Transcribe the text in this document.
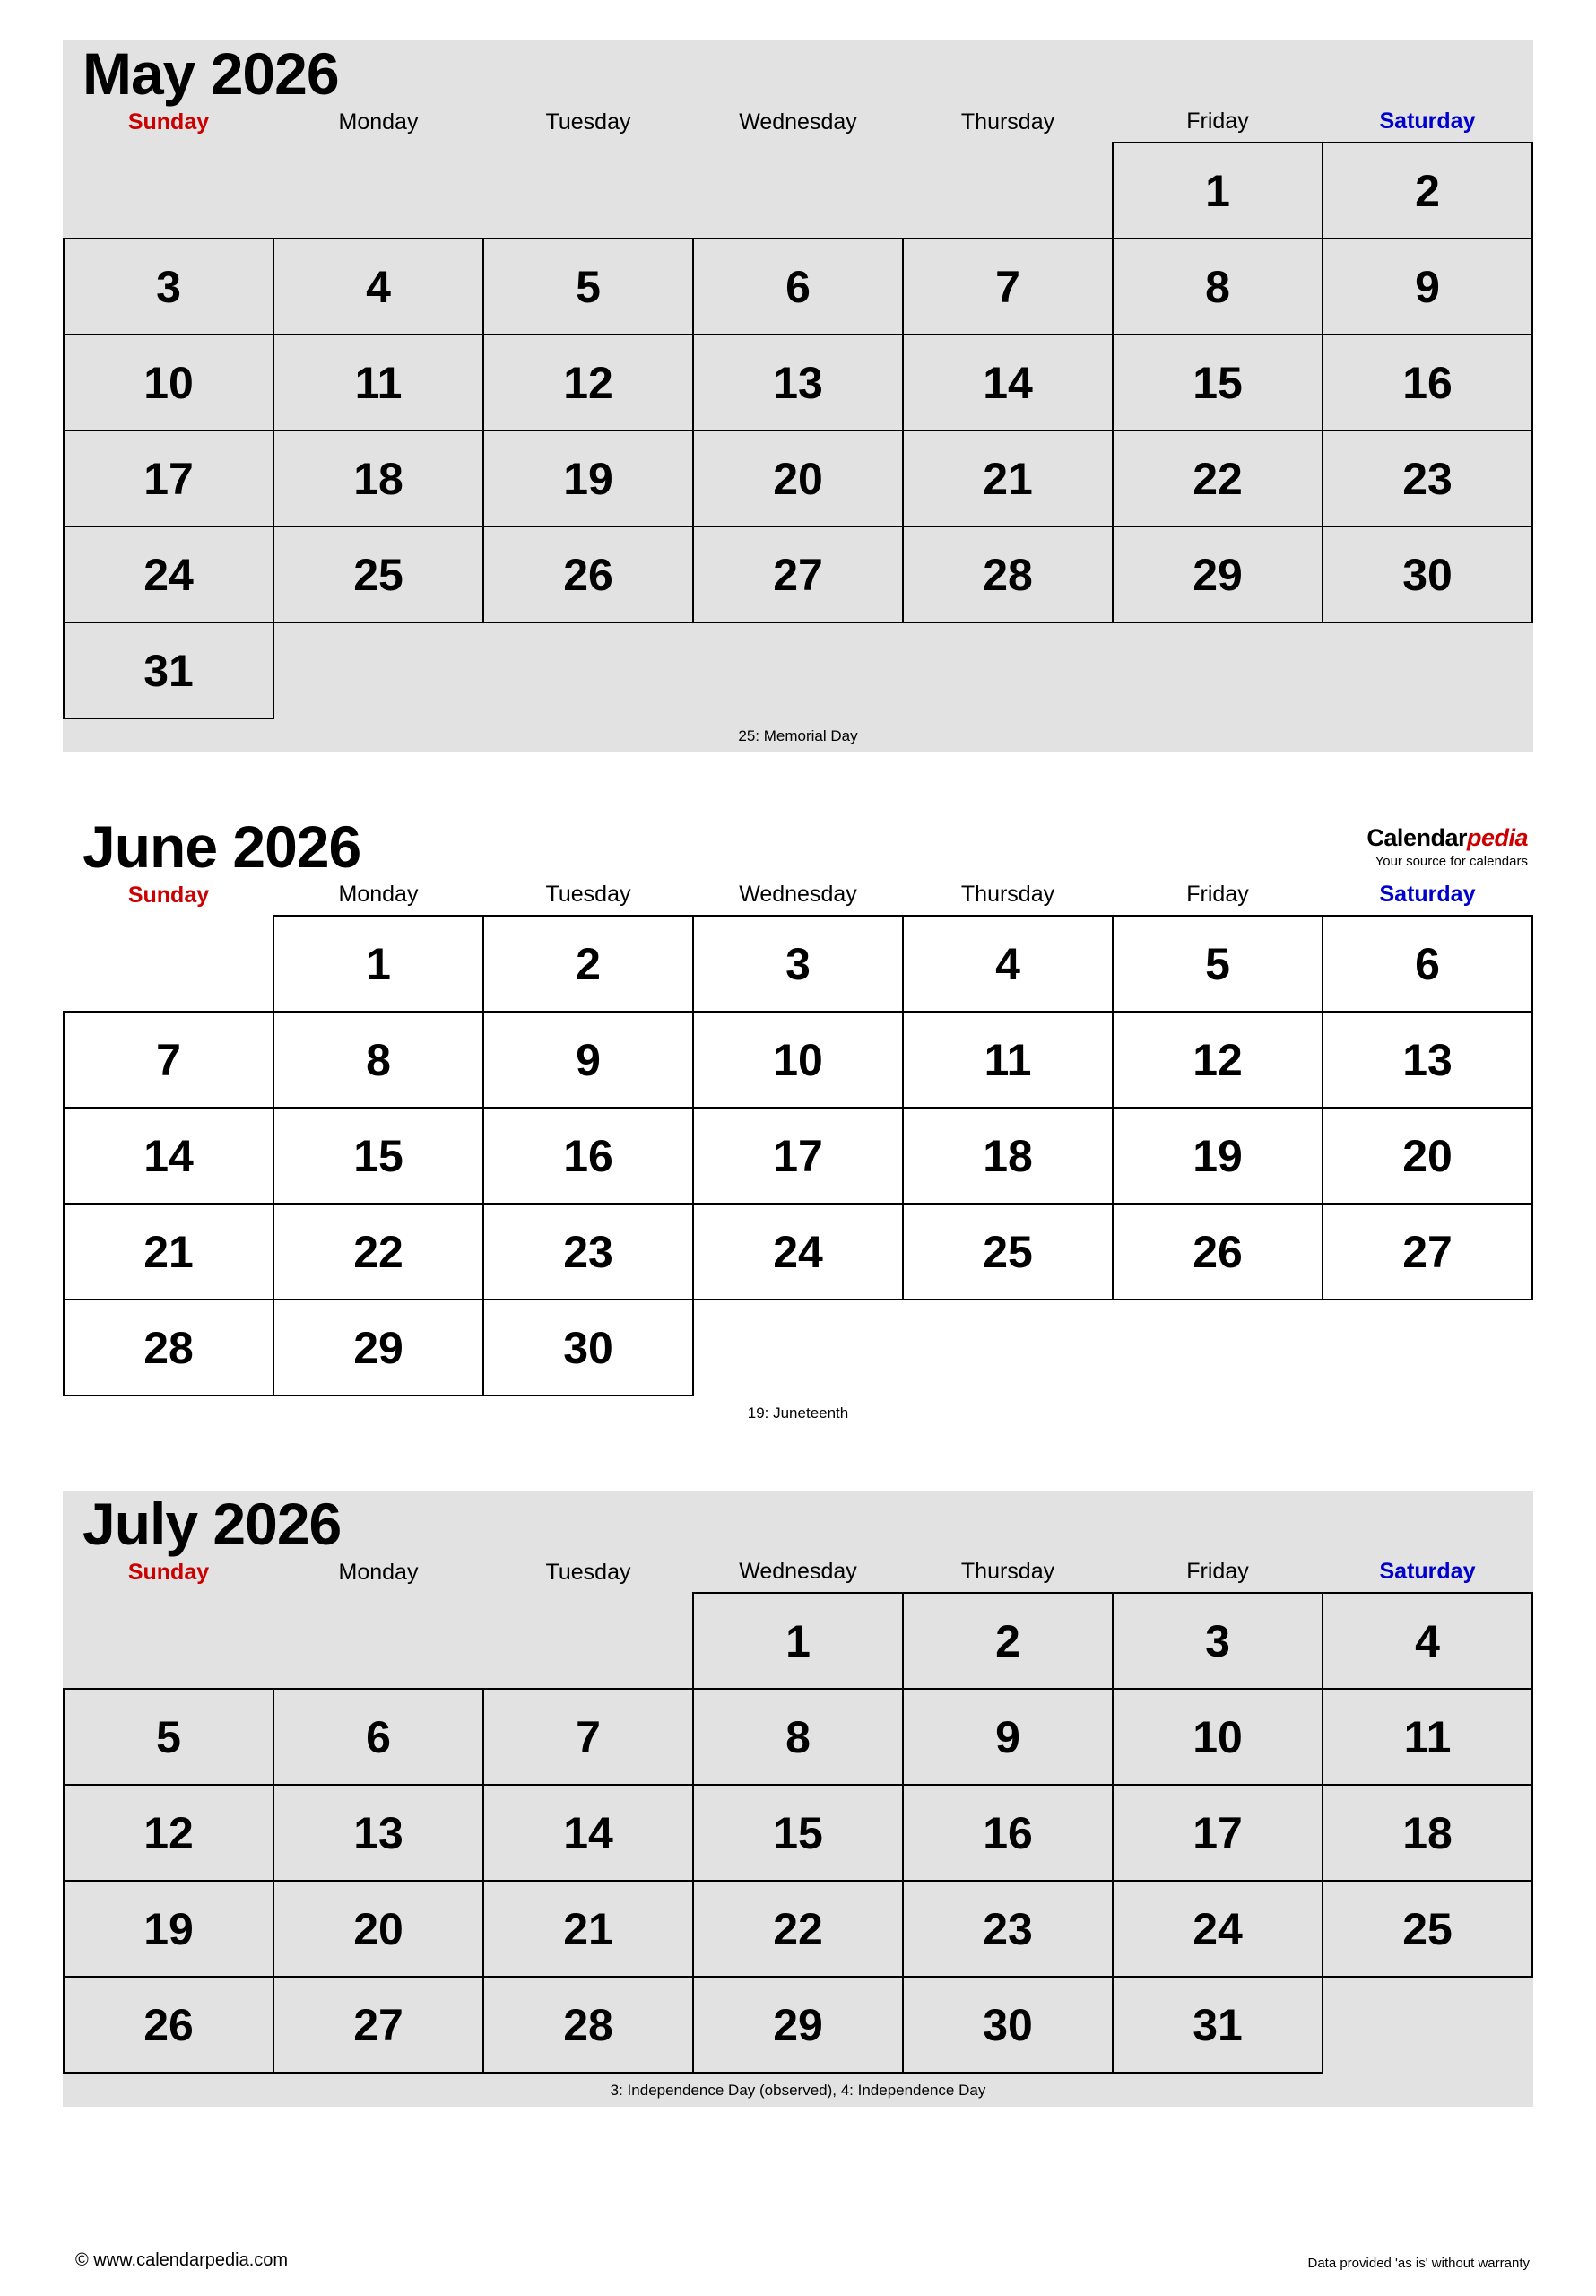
May 2026
Sunday	Monday	Tuesday	Wednesday	Thursday	Friday	Saturday
					1	2
3	4	5	6	7	8	9
10	11	12	13	14	15	16
17	18	19	20	21	22	23
24	25	26	27	28	29	30
31						
25: Memorial Day
June 2026	Calendarpedia
Your source for calendars
Sunday	Monday	Tuesday	Wednesday	Thursday	Friday	Saturday
	1	2	3	4	5	6
7	8	9	10	11	12	13
14	15	16	17	18	19	20
21	22	23	24	25	26	27
28	29	30				
19: Juneteenth
July 2026
Sunday	Monday	Tuesday	Wednesday	Thursday	Friday	Saturday
			1	2	3	4
5	6	7	8	9	10	11
12	13	14	15	16	17	18
19	20	21	22	23	24	25
26	27	28	29	30	31	
3: Independence Day (observed), 4: Independence Day
© www.calendarpedia.com	Data provided 'as is' without warranty
